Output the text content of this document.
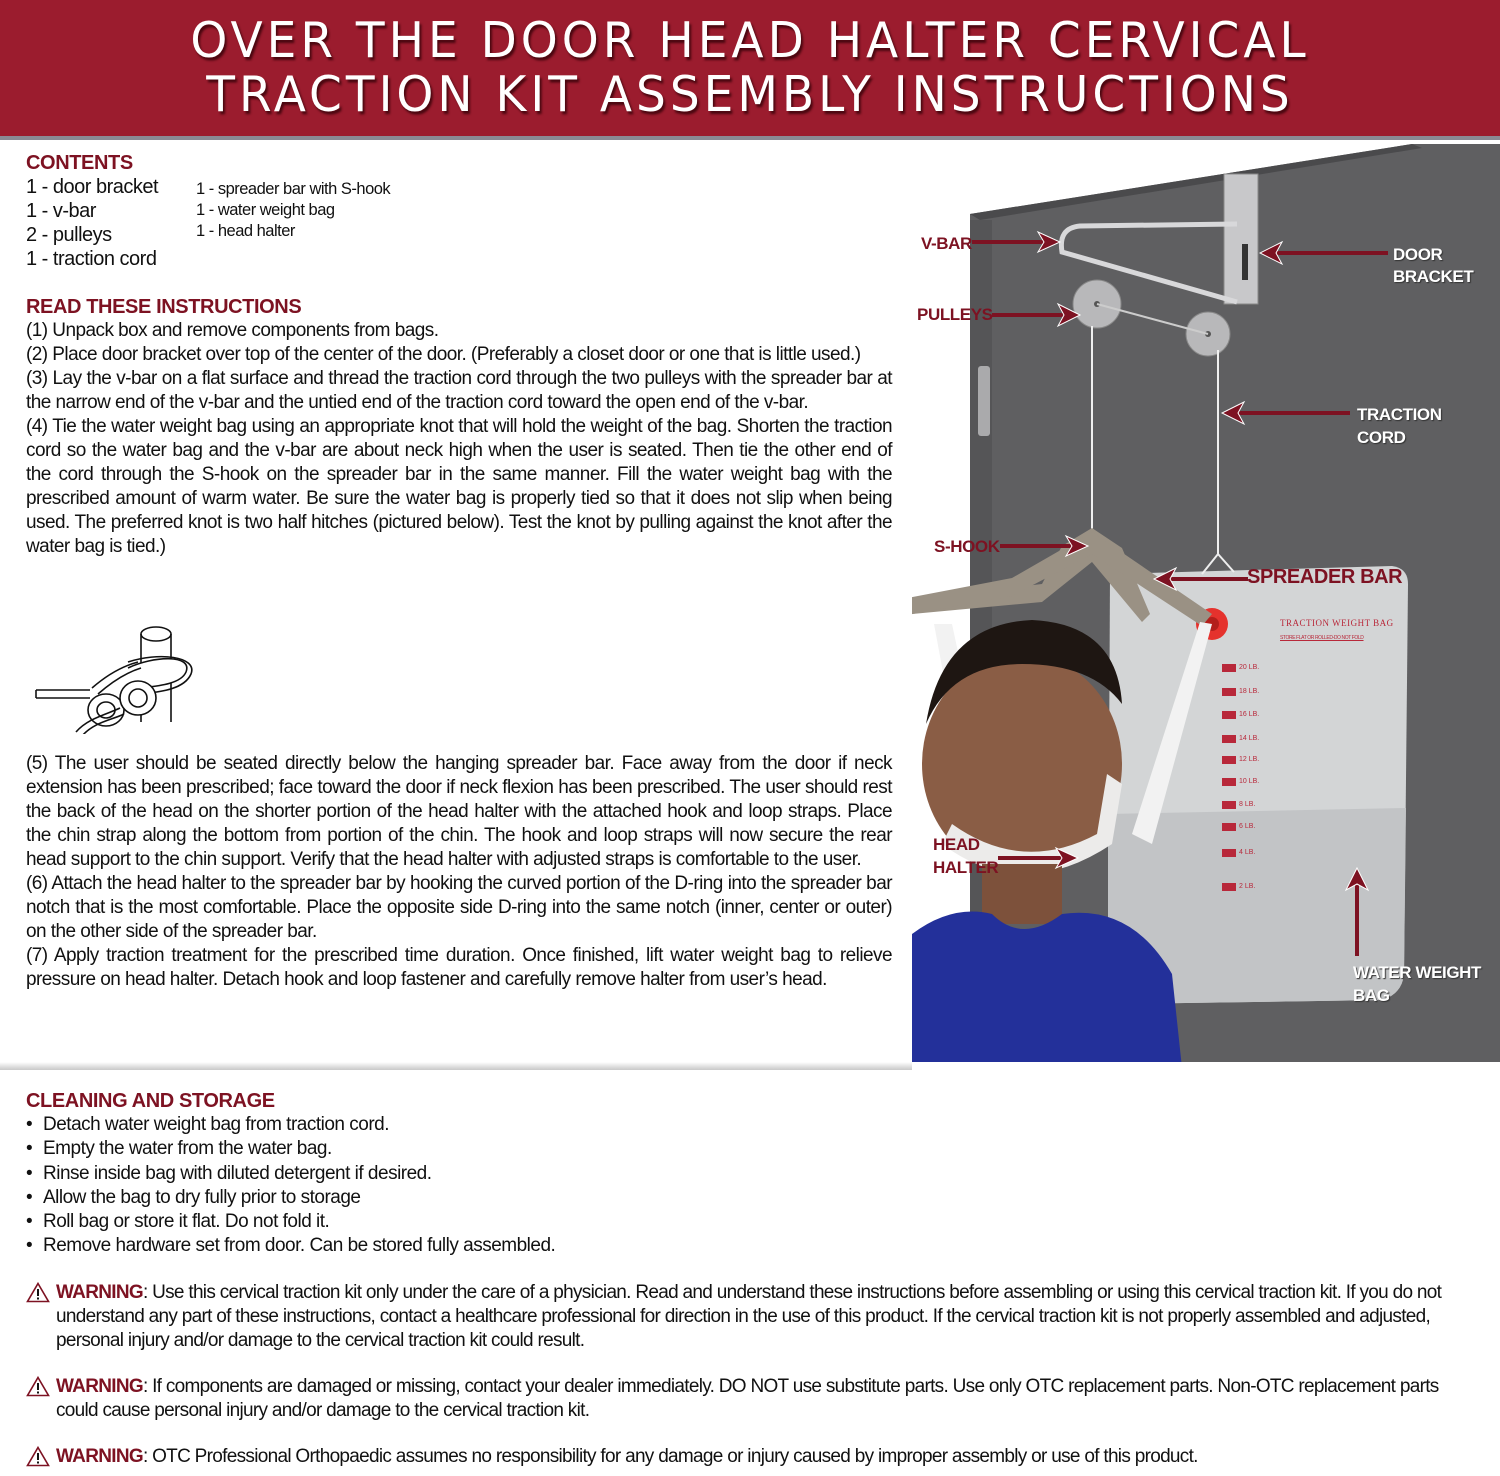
OVER THE DOOR HEAD HALTER CERVICAL
TRACTION KIT ASSEMBLY INSTRUCTIONS
CONTENTS
1 - door bracket
1 - v-bar
2 - pulleys
1 - traction cord
1 - spreader bar with S-hook
1 - water weight bag
1 - head halter
READ THESE INSTRUCTIONS

(1) Unpack box and remove components from bags.

(2) Place door bracket over top of the center of the door. (Preferably a closet door or one that is little used.)

(3) Lay the v-bar on a flat surface and thread the traction cord through the two pulleys with the spreader bar at the narrow end of the v-bar and the untied end of the traction cord toward the open end of the v-bar.

(4) Tie the water weight bag using an appropriate knot that will hold the weight of the bag. Shorten the traction cord so the water bag and the v-bar are about neck high when the user is seated. Then tie the other end of the cord through the S-hook on the spreader bar in the same manner. Fill the water weight bag with the prescribed amount of warm water. Be sure the water bag is properly tied so that it does not slip when being used. The preferred knot is two half hitches (pictured below). Test the knot by pulling against the knot after the water bag is tied.)

(5) The user should be seated directly below the hanging spreader bar. Face away from the door if neck extension has been prescribed; face toward the door if neck flexion has been prescribed. The user should rest the back of the head on the shorter portion of the head halter with the attached hook and loop straps. Place the chin strap along the bottom from portion of the chin. The hook and loop straps will now secure the rear head support to the chin support. Verify that the head halter with adjusted straps is comfortable to the user.

(6) Attach the head halter to the spreader bar by hooking the curved portion of the D-ring into the spreader bar notch that is the most comfortable. Place the opposite side D-ring into the same notch (inner, center or outer) on the other side of the spreader bar.

(7) Apply traction treatment for the prescribed time duration. Once finished, lift water weight bag to relieve pressure on head halter. Detach hook and loop fastener and carefully remove halter from user’s head.

TRACTION WEIGHT BAG
STORE FLAT OR ROLLED-DO NOT FOLD
20 LB.
18 LB.
16 LB.
14 LB.
12 LB.
10 LB.
8 LB.
6 LB.
4 LB.
2 LB.
V-BAR
DOOR
BRACKET
PULLEYS
TRACTION
CORD
S-HOOK
SPREADER BAR
HEAD
HALTER
WATER WEIGHT
BAG
CLEANING AND STORAGE
• Detach water weight bag from traction cord.
• Empty the water from the water bag.
• Rinse inside bag with diluted detergent if desired.
• Allow the bag to dry fully prior to storage
• Roll bag or store it flat. Do not fold it.
• Remove hardware set from door. Can be stored fully assembled.
WARNING: Use this cervical traction kit only under the care of a physician. Read and understand these instructions before assembling or using this cervical traction kit. If you do not understand any part of these instructions, contact a healthcare professional for direction in the use of this product. If the cervical traction kit is not properly assembled and adjusted, personal injury and/or damage to the cervical traction kit could result.
WARNING: If components are damaged or missing, contact your dealer immediately. DO NOT use substitute parts. Use only OTC replacement parts. Non-OTC replacement parts could cause personal injury and/or damage to the cervical traction kit.
WARNING: OTC Professional Orthopaedic assumes no responsibility for any damage or injury caused by improper assembly or use of this product.
